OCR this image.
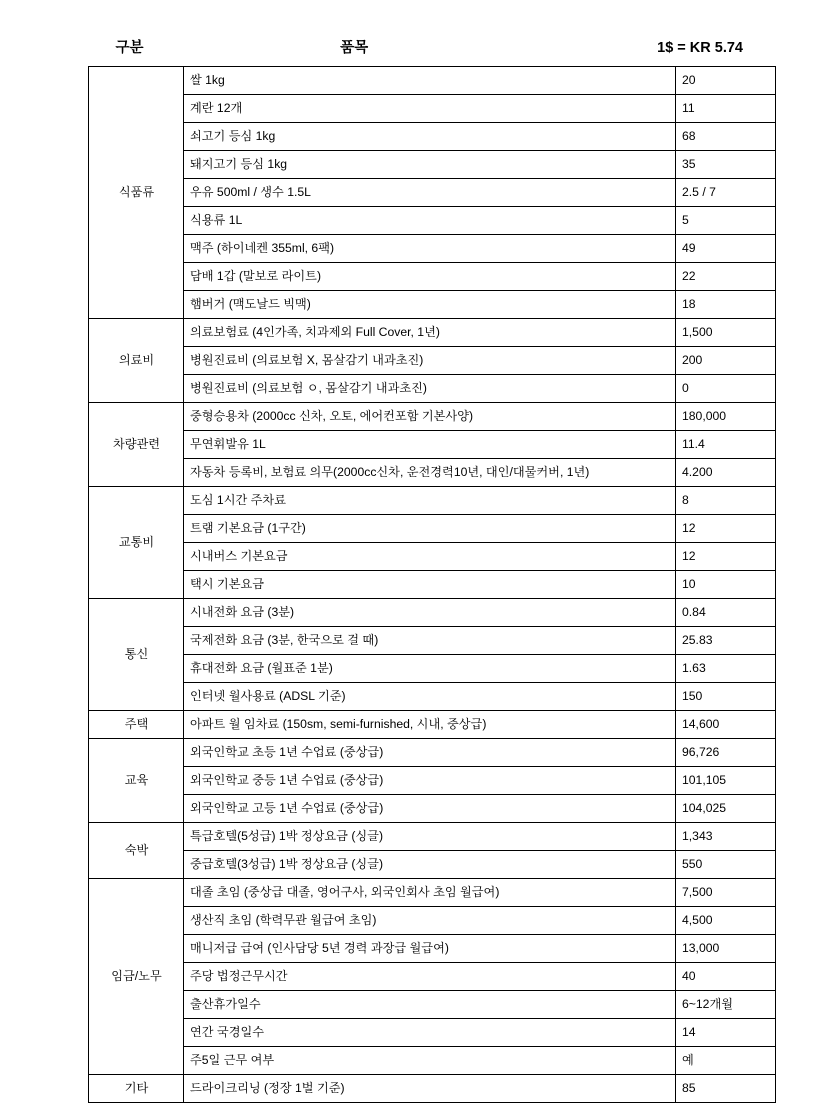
구분	품목	1$ = KR 5.74
식품류	쌀 1kg	20
	계란 12개	11
	쇠고기 등심 1kg	68
	돼지고기 등심 1kg	35
	우유 500ml / 생수 1.5L	2.5 / 7
	식용류 1L	5
	맥주 (하이네켄 355ml, 6팩)	49
	담배 1갑 (말보로 라이트)	22
	햄버거 (맥도날드 빅맥)	18
의료비	의료보험료 (4인가족, 치과제외 Full Cover, 1년)	1,500
	병원진료비 (의료보험 X, 몸살감기 내과초진)	200
	병원진료비 (의료보험 ㅇ, 몸살감기 내과초진)	0
차량관련	중형승용차 (2000cc 신차, 오토, 에어컨포함 기본사양)	180,000
	무연휘발유 1L	11.4
	자동차 등록비, 보험료 의무(2000cc신차, 운전경력10년, 대인/대물커버, 1년)	4.200
교통비	도심 1시간 주차료	8
	트램 기본요금 (1구간)	12
	시내버스 기본요금	12
	택시 기본요금	10
통신	시내전화 요금 (3분)	0.84
	국제전화 요금 (3분, 한국으로 걸 때)	25.83
	휴대전화 요금 (월표준 1분)	1.63
	인터넷 월사용료 (ADSL 기준)	150
주택	아파트 월 임차료 (150sm, semi-furnished, 시내, 중상급)	14,600
교육	외국인학교 초등 1년 수업료 (중상급)	96,726
	외국인학교 중등 1년 수업료 (중상급)	101,105
	외국인학교 고등 1년 수업료 (중상급)	104,025
숙박	특급호텔(5성급) 1박 정상요금 (싱글)	1,343
	중급호텔(3성급) 1박 정상요금 (싱글)	550
임금/노무	대졸 초임 (중상급 대졸, 영어구사, 외국인회사 초임 월급여)	7,500
	생산직 초임 (학력무관 월급여 초임)	4,500
	매니저급 급여 (인사담당 5년 경력 과장급 월급여)	13,000
	주당 법정근무시간	40
	출산휴가일수	6~12개월
	연간 국경일수	14
	주5일 근무 여부	예
기타	드라이크리닝 (정장 1벌 기준)	85
